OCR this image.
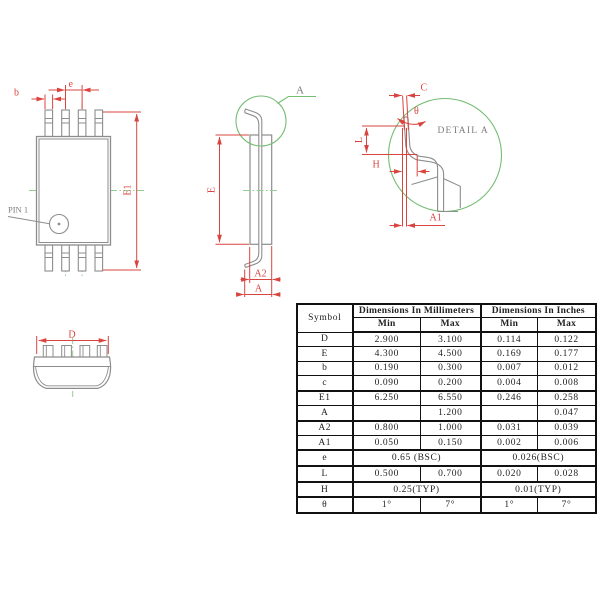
PIN 1
E1
b
e	A
E
A2
A
DETAIL A
C
θ
L
H
A1
D
Symbol	Dimensions In Millimeters		Dimensions In Inches	
	Min	Max	Min	Max
D	2.900	3.100	0.114	0.122
E	4.300	4.500	0.169	0.177
b	0.190	0.300	0.007	0.012
c	0.090	0.200	0.004	0.008
E1	6.250	6.550	0.246	0.258
A		1.200		0.047
A2	0.800	1.000	0.031	0.039
A1	0.050	0.150	0.002	0.006
e	0.65 (BSC)		0.026(BSC)	
L	0.500	0.700	0.020	0.028
H	0.25(TYP)		0.01(TYP)	
θ	1°	7°	1°	7°
